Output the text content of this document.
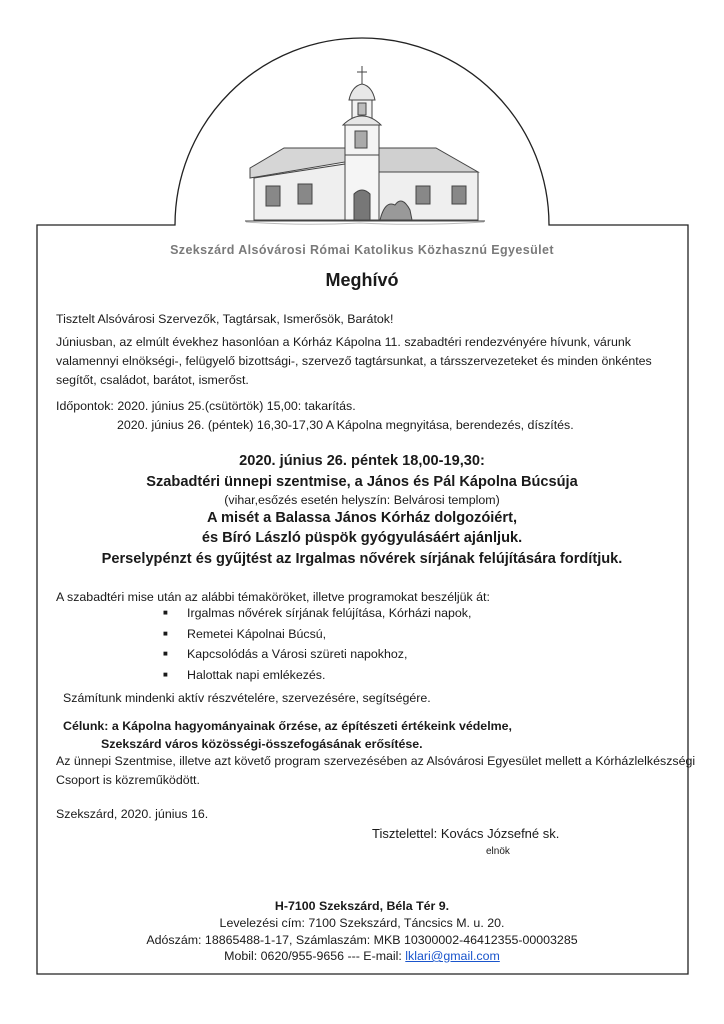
Szekszárd Alsóvárosi Római Katolikus Közhasznú Egyesület
Meghívó
Tisztelt Alsóvárosi Szervezők, Tagtársak, Ismerősök, Barátok!
Júniusban, az elmúlt évekhez hasonlóan a Kórház Kápolna 11. szabadtéri rendezvényére hívunk, várunk
valamennyi elnökségi-, felügyelő bizottsági-, szervező tagtársunkat, a társszervezeteket és minden önkéntes
segítőt, családot, barátot, ismerőst.
Időpontok: 2020. június 25.(csütörtök) 15,00: takarítás.
2020. június 26. (péntek) 16,30-17,30 A Kápolna megnyitása, berendezés, díszítés.
2020. június 26. péntek 18,00-19,30:
Szabadtéri ünnepi szentmise, a János és Pál Kápolna Búcsúja
(vihar,esőzés esetén helyszín: Belvárosi templom)
A misét a Balassa János Kórház dolgozóiért,
és Bíró László püspök gyógyulásáért ajánljuk.
Perselypénzt és gyűjtést az Irgalmas nővérek sírjának felújítására fordítjuk.
A szabadtéri mise után az alábbi témaköröket, illetve programokat beszéljük át:
■ Irgalmas nővérek sírjának felújítása, Kórházi napok,
■ Remetei Kápolnai Búcsú,
■ Kapcsolódás a Városi szüreti napokhoz,
■ Halottak napi emlékezés.
Számítunk mindenki aktív részvételére, szervezésére, segítségére.
Célunk: a Kápolna hagyományainak őrzése, az építészeti értékeink védelme,
Szekszárd város közösségi-összefogásának erősítése.
Az ünnepi Szentmise, illetve azt követő program szervezésében az Alsóvárosi Egyesület mellett a Kórházlelkészségi
Csoport is közreműködött.
Szekszárd, 2020. június 16.
Tisztelettel: Kovács Józsefné sk.
elnök
H-7100 Szekszárd, Béla Tér 9.
Levelezési cím: 7100 Szekszárd, Táncsics M. u. 20.
Adószám: 18865488-1-17, Számlaszám: MKB 10300002-46412355-00003285
Mobil: 0620/955-9656 --- E-mail: lklari@gmail.com
